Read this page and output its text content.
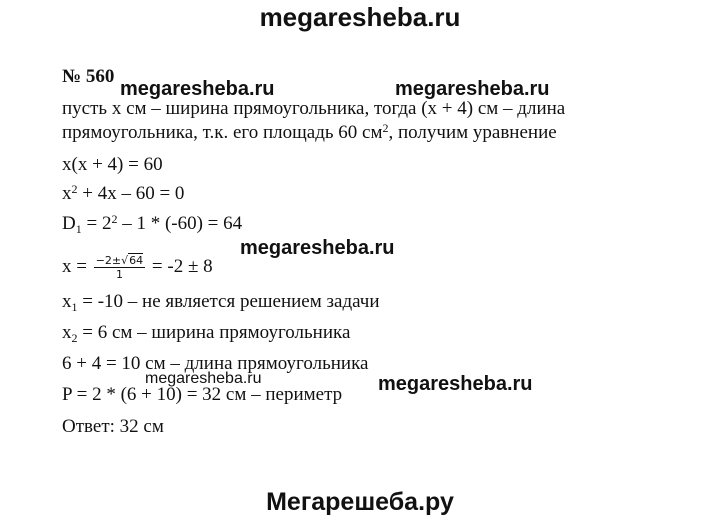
megaresheba.ru
№ 560
megaresheba.ru	megaresheba.ru
пусть x см – ширина прямоугольника, тогда (x + 4) см – длина
прямоугольника, т.к. его площадь 60 $см^2$, получим уравнение
x(x + 4) = 60
$x^2 + 4x - 60 = 0$
$D_1 = 2^2 - 1 * (-60) = 64$
megaresheba.ru
$x = \frac{-2\pm√64}{1} = -2 \pm 8$
$x_1 = -10$ – не является решением задачи
$x_2 = 6$ см – ширина прямоугольника
6 + 4 = 10 см – длина прямоугольника
megaresheba.ru	megaresheba.ru
P = 2 * (6 + 10) = 32 см – периметр
Ответ: 32 см
Мегарешеба.ру
